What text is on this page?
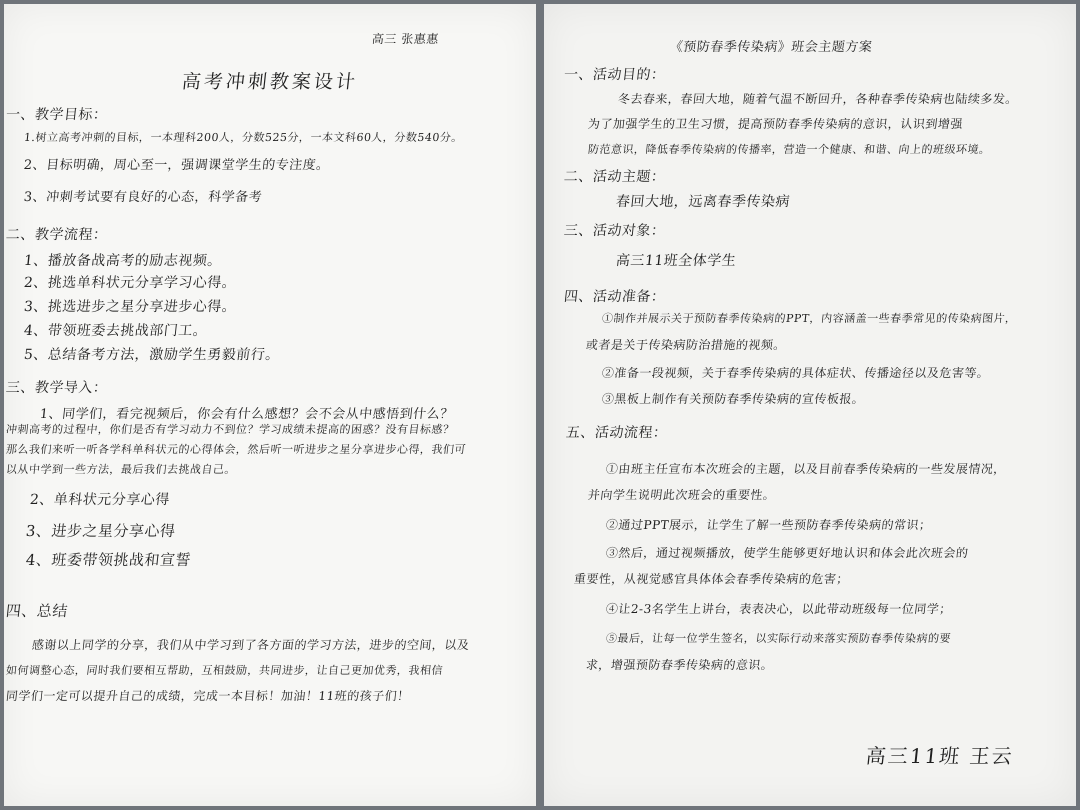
高三 张惠惠
高考冲刺教案设计
一、教学目标：
1.树立高考冲刺的目标，一本理科200人，分数525分，一本文科60人，分数540分。
2、目标明确，周心至一，强调课堂学生的专注度。
3、冲刺考试要有良好的心态，科学备考
二、教学流程：
1、播放备战高考的励志视频。
2、挑选单科状元分享学习心得。
3、挑选进步之星分享进步心得。
4、带领班委去挑战部门工。
5、总结备考方法，激励学生勇毅前行。
三、教学导入：
1、同学们，看完视频后，你会有什么感想？会不会从中感悟到什么？
冲刺高考的过程中，你们是否有学习动力不到位？学习成绩未提高的困惑？没有目标感？
那么我们来听一听各学科单科状元的心得体会，然后听一听进步之星分享进步心得，我们可
以从中学到一些方法，最后我们去挑战自己。
2、单科状元分享心得
3、进步之星分享心得
4、班委带领挑战和宣誓
四、总结
感谢以上同学的分享，我们从中学习到了各方面的学习方法，进步的空间，以及
如何调整心态，同时我们要相互帮助，互相鼓励，共同进步，让自己更加优秀，我相信
同学们一定可以提升自己的成绩，完成一本目标！加油！11班的孩子们！
《预防春季传染病》班会主题方案
一、活动目的：
冬去春来，春回大地，随着气温不断回升，各种春季传染病也陆续多发。
为了加强学生的卫生习惯，提高预防春季传染病的意识，认识到增强
防范意识，降低春季传染病的传播率，营造一个健康、和谐、向上的班级环境。
二、活动主题：
春回大地，远离春季传染病
三、活动对象：
高三11班全体学生
四、活动准备：
①制作并展示关于预防春季传染病的PPT，内容涵盖一些春季常见的传染病图片，
或者是关于传染病防治措施的视频。
②准备一段视频，关于春季传染病的具体症状、传播途径以及危害等。
③黑板上制作有关预防春季传染病的宣传板报。
五、活动流程：
①由班主任宣布本次班会的主题，以及目前春季传染病的一些发展情况，
并向学生说明此次班会的重要性。
②通过PPT展示，让学生了解一些预防春季传染病的常识；
③然后，通过视频播放，使学生能够更好地认识和体会此次班会的
重要性，从视觉感官具体体会春季传染病的危害；
④让2-3名学生上讲台，表表决心，以此带动班级每一位同学；
⑤最后，让每一位学生签名，以实际行动来落实预防春季传染病的要
求，增强预防春季传染病的意识。
高三11班 王云
